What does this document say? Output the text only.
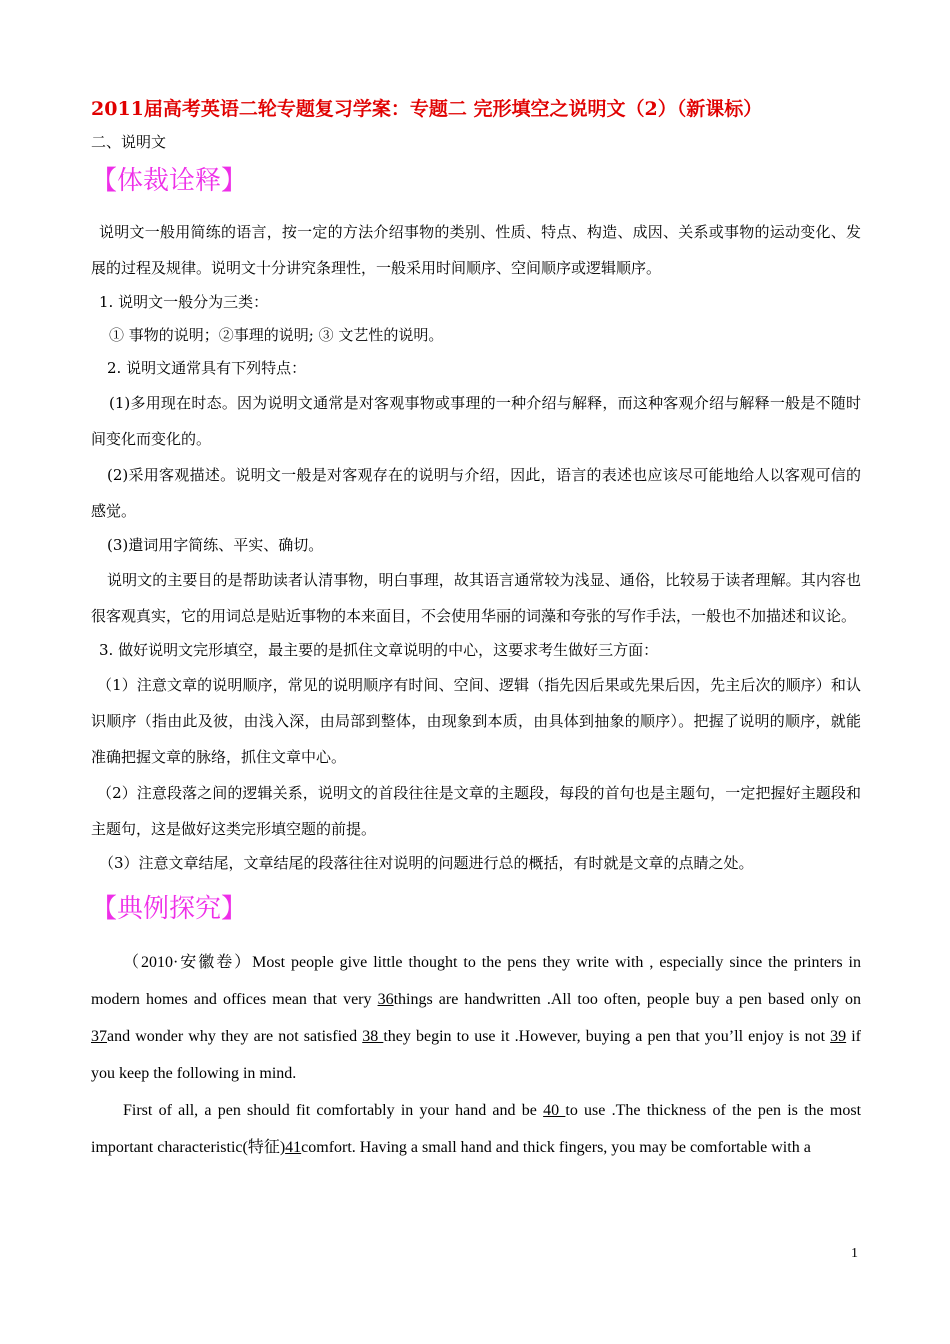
2011届高考英语二轮专题复习学案：专题二 完形填空之说明文（2）（新课标）
二、说明文
【体裁诠释】

说明文一般用简练的语言，按一定的方法介绍事物的类别、性质、特点、构造、成因、关系或事物的运动变化、发展的过程及规律。说明文十分讲究条理性，一般采用时间顺序、空间顺序或逻辑顺序。

1. 说明文一般分为三类：

① 事物的说明；②事理的说明; ③ 文艺性的说明。

2. 说明文通常具有下列特点：

(1)多用现在时态。因为说明文通常是对客观事物或事理的一种介绍与解释，而这种客观介绍与解释一般是不随时间变化而变化的。

(2)采用客观描述。说明文一般是对客观存在的说明与介绍，因此，语言的表述也应该尽可能地给人以客观可信的感觉。

(3)遣词用字简练、平实、确切。

说明文的主要目的是帮助读者认清事物，明白事理，故其语言通常较为浅显、通俗，比较易于读者理解。其内容也很客观真实，它的用词总是贴近事物的本来面目，不会使用华丽的词藻和夸张的写作手法，一般也不加描述和议论。

3. 做好说明文完形填空，最主要的是抓住文章说明的中心，这要求考生做好三方面：

（1）注意文章的说明顺序，常见的说明顺序有时间、空间、逻辑（指先因后果或先果后因，先主后次的顺序）和认识顺序（指由此及彼，由浅入深，由局部到整体，由现象到本质，由具体到抽象的顺序）。把握了说明的顺序，就能准确把握文章的脉络，抓住文章中心。

（2）注意段落之间的逻辑关系，说明文的首段往往是文章的主题段，每段的首句也是主题句，一定把握好主题段和主题句，这是做好这类完形填空题的前提。

（3）注意文章结尾，文章结尾的段落往往对说明的问题进行总的概括，有时就是文章的点睛之处。

【典例探究】

（2010·安徽卷）Most people give little thought to the pens they write with , especially since the printers in modern homes and offices mean that very 36things are handwritten .All too often, people buy a pen based only on 37and wonder why they are not satisfied 38 they begin to use it .However, buying a pen that you’ll enjoy is not 39 if you keep the following in mind.

First of all, a pen should fit comfortably in your hand and be 40 to use .The thickness of the pen is the most important characteristic(特征)41comfort. Having a small hand and thick fingers, you may be comfortable with a

1
